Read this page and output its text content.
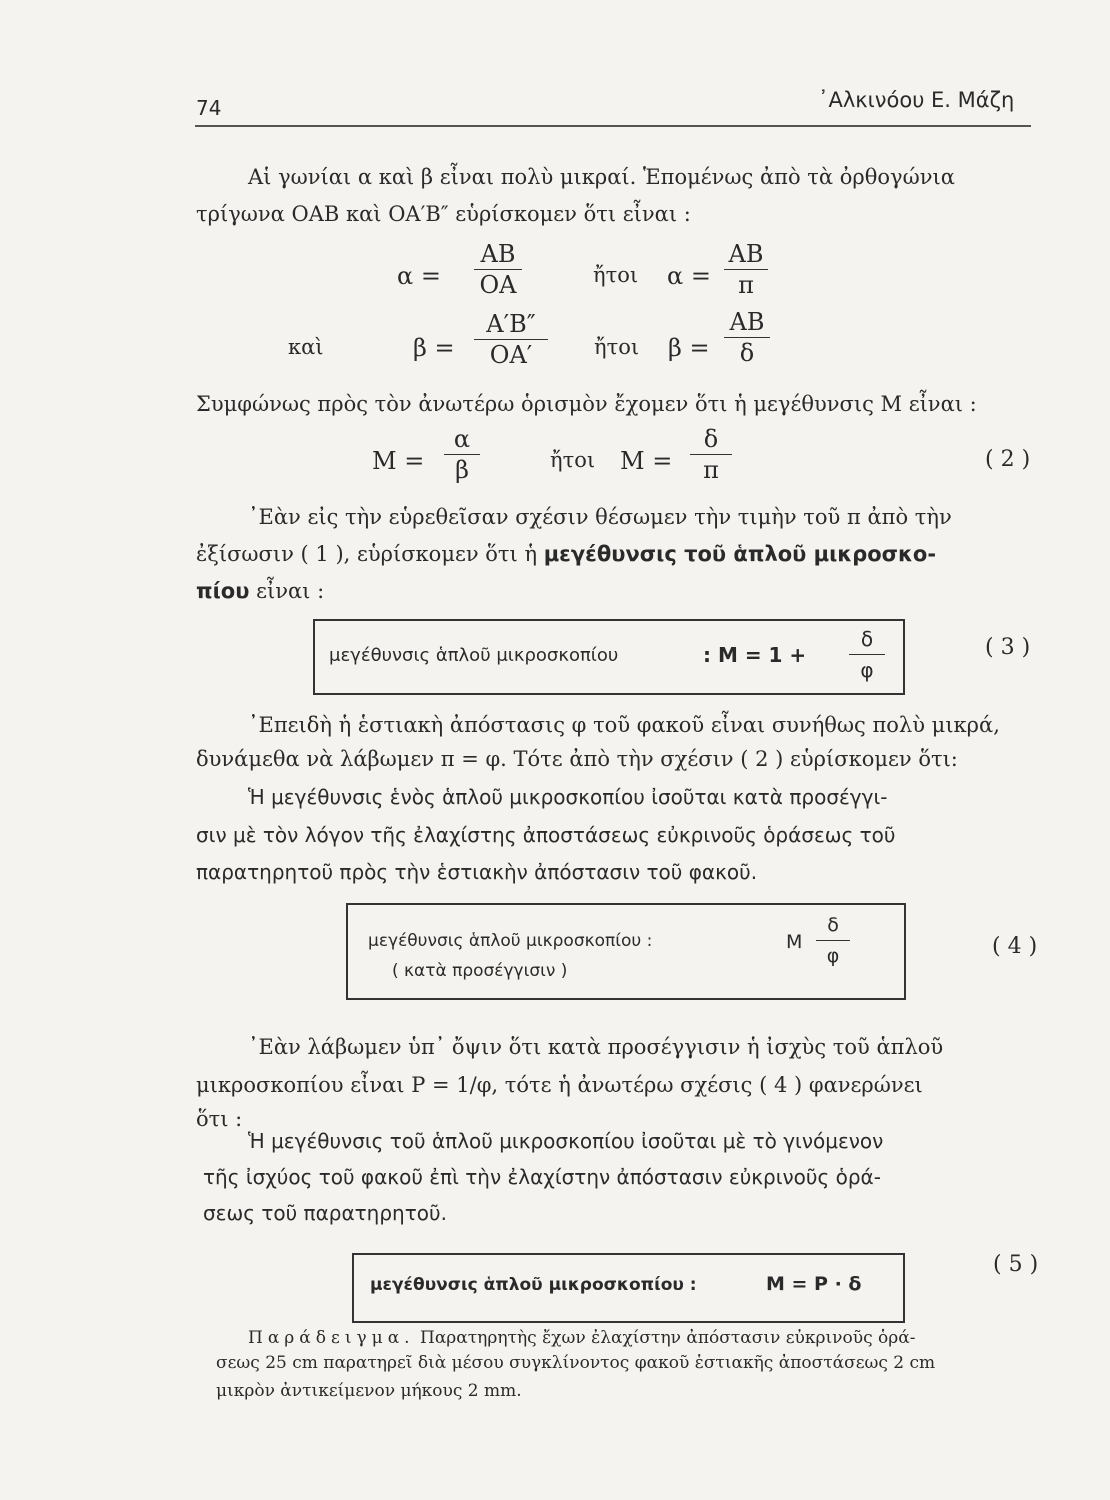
74	᾿Αλκινόου Ε. Μάζη
Αἱ γωνίαι α καὶ β εἶναι πολὺ μικραί. Ἑπομένως ἀπὸ τὰ ὀρθογώνια
τρίγωνα ΟΑΒ καὶ ΟΑ′Β″ εὑρίσκομεν ὅτι εἶναι :
α =
ΑΒ
ΟΑ	ἤτοι α =
ΑΒ
π
καὶ	β =
Α′Β″
ΟΑ′	ἤτοι β =
ΑΒ
δ
Συμφώνως πρὸς τὸν ἀνωτέρω ὁρισμὸν ἔχομεν ὅτι ἡ μεγέθυνσις Μ εἶναι :
Μ =
α
β	ἤτοι Μ =
δ
π	( 2 )
᾿Εὰν εἰς τὴν εὑρεθεῖσαν σχέσιν θέσωμεν τὴν τιμὴν τοῦ π ἀπὸ τὴν
ἐξίσωσιν ( 1 ), εὑρίσκομεν ὅτι ἡ μεγέθυνσις τοῦ ἁπλοῦ μικροσκο-
πίου εἶναι :
μεγέθυνσις ἁπλοῦ μικροσκοπίου	: Μ = 1 +
δ
φ
( 3 )
᾿Επειδὴ ἡ ἑστιακὴ ἀπόστασις φ τοῦ φακοῦ εἶναι συνήθως πολὺ μικρά,
δυνάμεθα νὰ λάβωμεν π = φ. Τότε ἀπὸ τὴν σχέσιν ( 2 ) εὑρίσκομεν ὅτι:
Ἡ μεγέθυνσις ἑνὸς ἁπλοῦ μικροσκοπίου ἰσοῦται κατὰ προσέγγι-
σιν μὲ τὸν λόγον τῆς ἐλαχίστης ἀποστάσεως εὐκρινοῦς ὁράσεως τοῦ
παρατηρητοῦ πρὸς τὴν ἑστιακὴν ἀπόστασιν τοῦ φακοῦ.
μεγέθυνσις ἁπλοῦ μικροσκοπίου :	Μ
δ
φ
( κατὰ προσέγγισιν )
( 4 )
᾿Εὰν λάβωμεν ὑπ᾿ ὄψιν ὅτι κατὰ προσέγγισιν ἡ ἰσχὺς τοῦ ἁπλοῦ
μικροσκοπίου εἶναι Ρ = 1/φ, τότε ἡ ἀνωτέρω σχέσις ( 4 ) φανερώνει
ὅτι :
Ἡ μεγέθυνσις τοῦ ἁπλοῦ μικροσκοπίου ἰσοῦται μὲ τὸ γινόμενον
τῆς ἰσχύος τοῦ φακοῦ ἐπὶ τὴν ἐλαχίστην ἀπόστασιν εὐκρινοῦς ὁρά-
σεως τοῦ παρατηρητοῦ.
μεγέθυνσις ἁπλοῦ μικροσκοπίου :	Μ = Ρ · δ
( 5 )
Παράδειγμα. Παρατηρητὴς ἔχων ἐλαχίστην ἀπόστασιν εὐκρινοῦς ὁρά-
σεως 25 cm παρατηρεῖ διὰ μέσου συγκλίνοντος φακοῦ ἑστιακῆς ἀποστάσεως 2 cm
μικρὸν ἀντικείμενον μήκους 2 mm.
